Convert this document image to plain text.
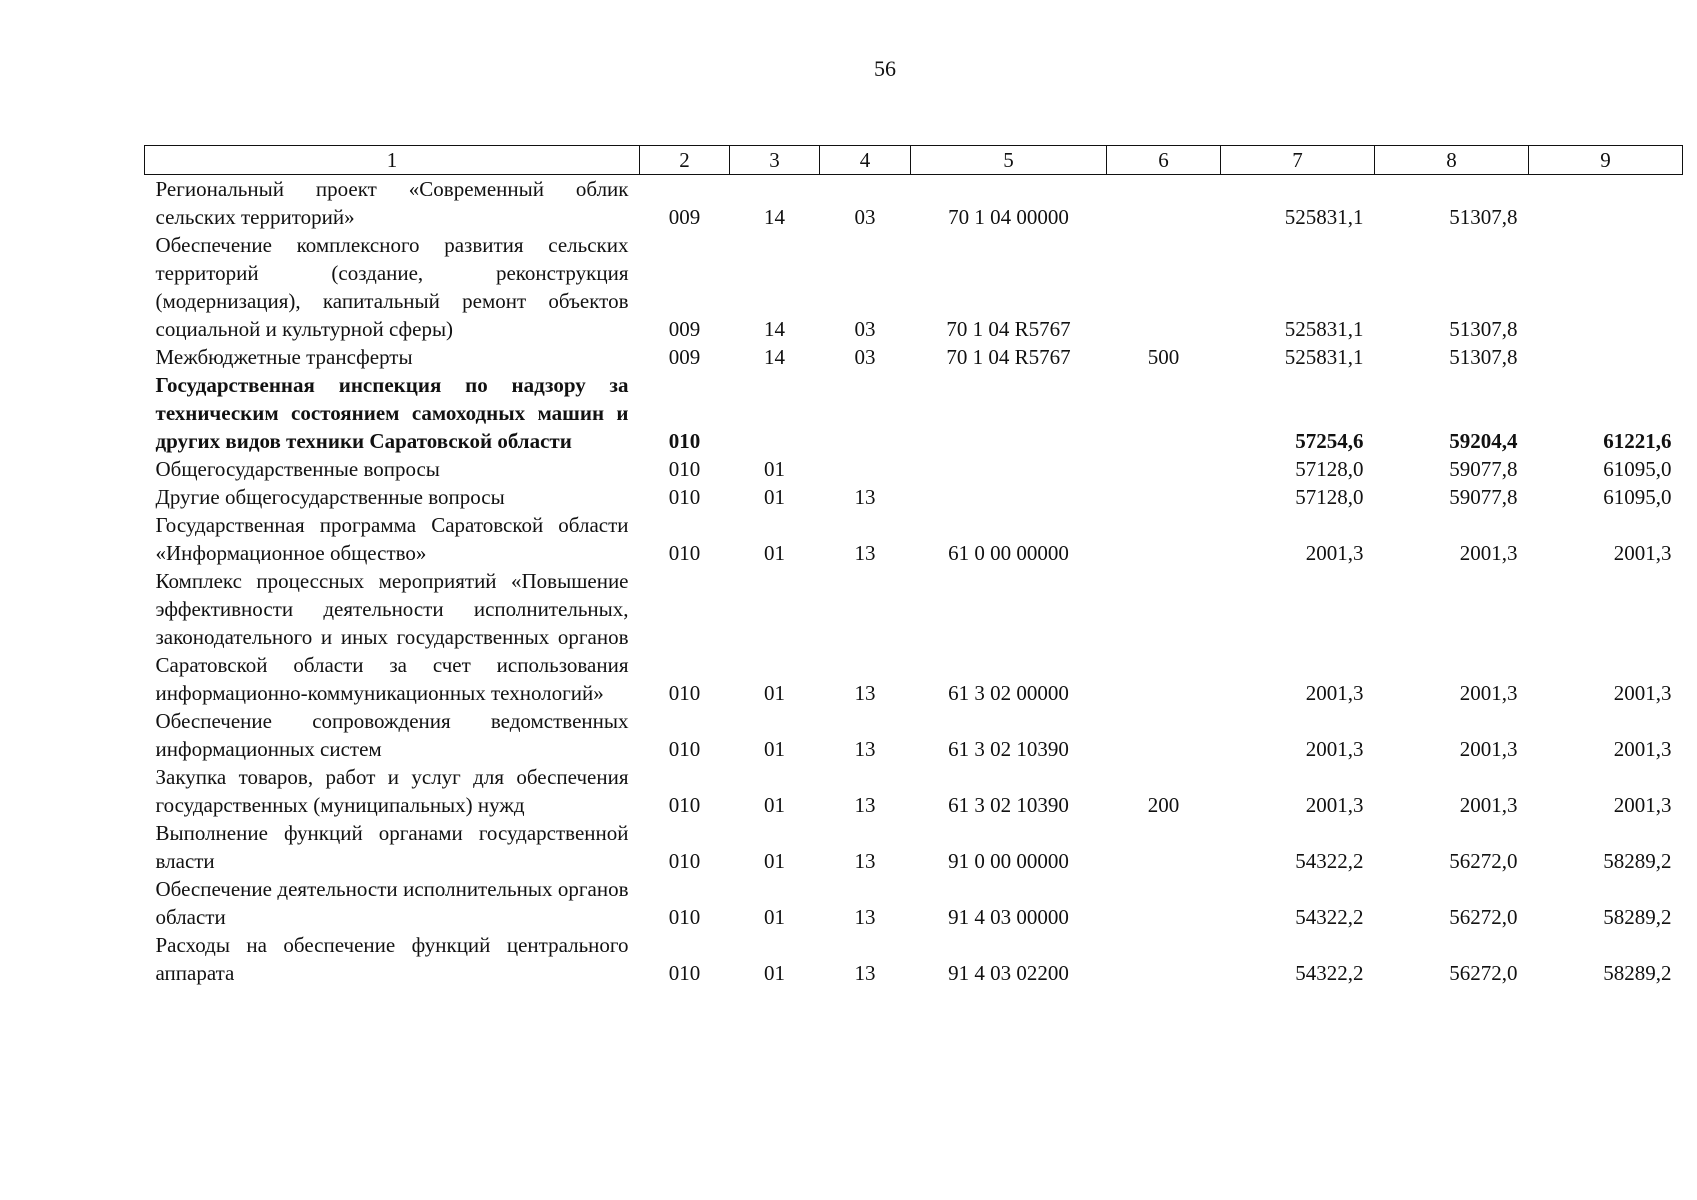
56
1	2	3	4	5	6	7	8	9
Региональный проект «Современный облик сельских территорий»	009	14	03	70 1 04 00000		525831,1	51307,8	
Обеспечение комплексного развития сельских территорий (создание, реконструкция (модернизация), капитальный ремонт объектов социальной и культурной сферы)	009	14	03	70 1 04 R5767		525831,1	51307,8	
Межбюджетные трансферты	009	14	03	70 1 04 R5767	500	525831,1	51307,8	
Государственная инспекция по надзору за техническим состоянием самоходных машин и других видов техники Саратовской области	010					57254,6	59204,4	61221,6
Общегосударственные вопросы	010	01				57128,0	59077,8	61095,0
Другие общегосударственные вопросы	010	01	13			57128,0	59077,8	61095,0
Государственная программа Саратовской области «Информационное общество»	010	01	13	61 0 00 00000		2001,3	2001,3	2001,3
Комплекс процессных мероприятий «Повышение эффективности деятельности исполнительных, законодательного и иных государственных органов Саратовской области за счет использования информационно-коммуникационных технологий»	010	01	13	61 3 02 00000		2001,3	2001,3	2001,3
Обеспечение сопровождения ведомственных информационных систем	010	01	13	61 3 02 10390		2001,3	2001,3	2001,3
Закупка товаров, работ и услуг для обеспечения государственных (муниципальных) нужд	010	01	13	61 3 02 10390	200	2001,3	2001,3	2001,3
Выполнение функций органами государственной власти	010	01	13	91 0 00 00000		54322,2	56272,0	58289,2
Обеспечение деятельности исполнительных органов области	010	01	13	91 4 03 00000		54322,2	56272,0	58289,2
Расходы на обеспечение функций центрального аппарата	010	01	13	91 4 03 02200		54322,2	56272,0	58289,2
